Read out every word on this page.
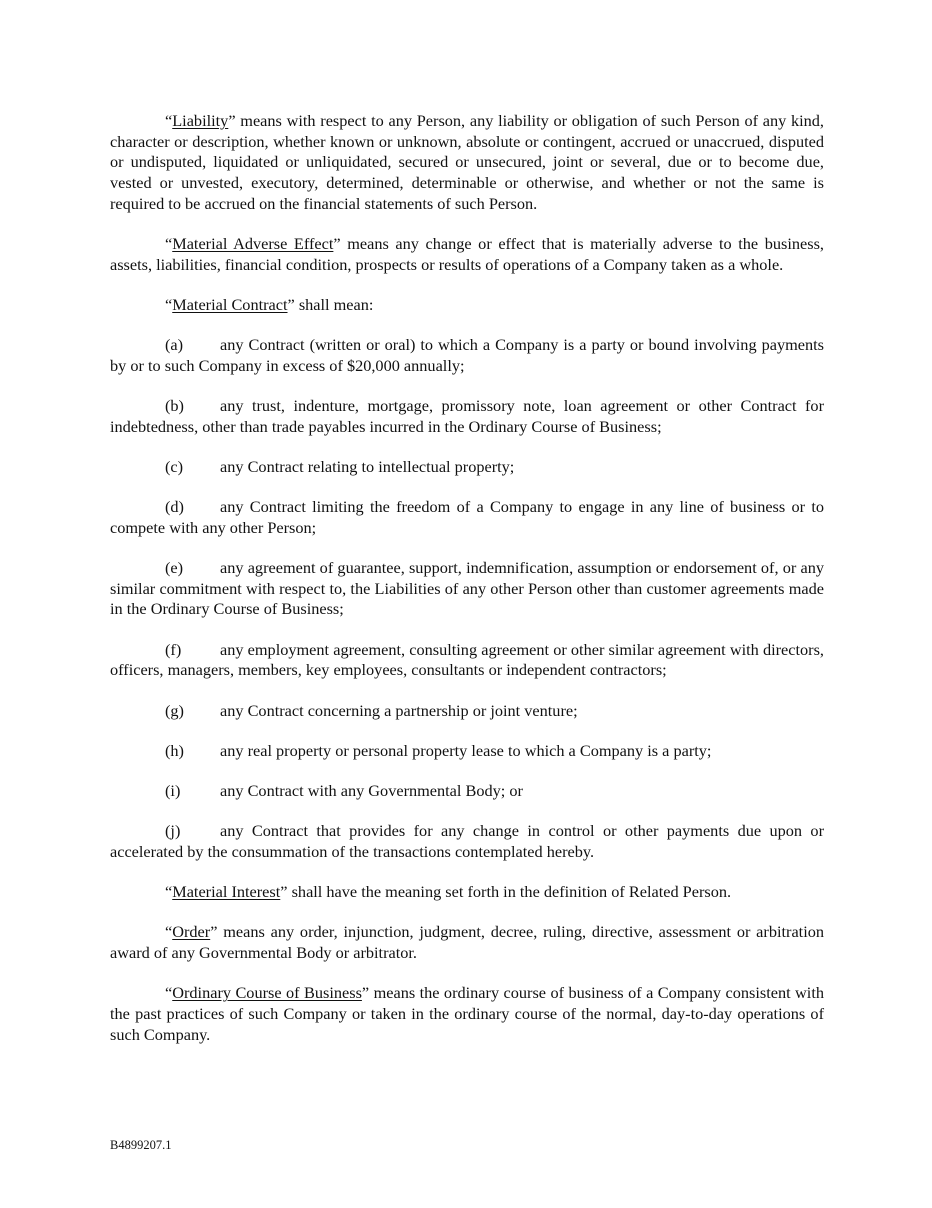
“Liability” means with respect to any Person, any liability or obligation of such Person of any kind, character or description, whether known or unknown, absolute or contingent, accrued or unaccrued, disputed or undisputed, liquidated or unliquidated, secured or unsecured, joint or several, due or to become due, vested or unvested, executory, determined, determinable or otherwise, and whether or not the same is required to be accrued on the financial statements of such Person.

“Material Adverse Effect” means any change or effect that is materially adverse to the business, assets, liabilities, financial condition, prospects or results of operations of a Company taken as a whole.

“Material Contract” shall mean:

(a) any Contract (written or oral) to which a Company is a party or bound involving payments by or to such Company in excess of $20,000 annually;

(b) any trust, indenture, mortgage, promissory note, loan agreement or other Contract for indebtedness, other than trade payables incurred in the Ordinary Course of Business;

(c) any Contract relating to intellectual property;

(d) any Contract limiting the freedom of a Company to engage in any line of business or to compete with any other Person;

(e) any agreement of guarantee, support, indemnification, assumption or endorsement of, or any similar commitment with respect to, the Liabilities of any other Person other than customer agreements made in the Ordinary Course of Business;

(f) any employment agreement, consulting agreement or other similar agreement with directors, officers, managers, members, key employees, consultants or independent contractors;

(g) any Contract concerning a partnership or joint venture;

(h) any real property or personal property lease to which a Company is a party;

(i) any Contract with any Governmental Body; or

(j) any Contract that provides for any change in control or other payments due upon or accelerated by the consummation of the transactions contemplated hereby.

“Material Interest” shall have the meaning set forth in the definition of Related Person.

“Order” means any order, injunction, judgment, decree, ruling, directive, assessment or arbitration award of any Governmental Body or arbitrator.

“Ordinary Course of Business” means the ordinary course of business of a Company consistent with the past practices of such Company or taken in the ordinary course of the normal, day-to-day operations of such Company.

B4899207.1
